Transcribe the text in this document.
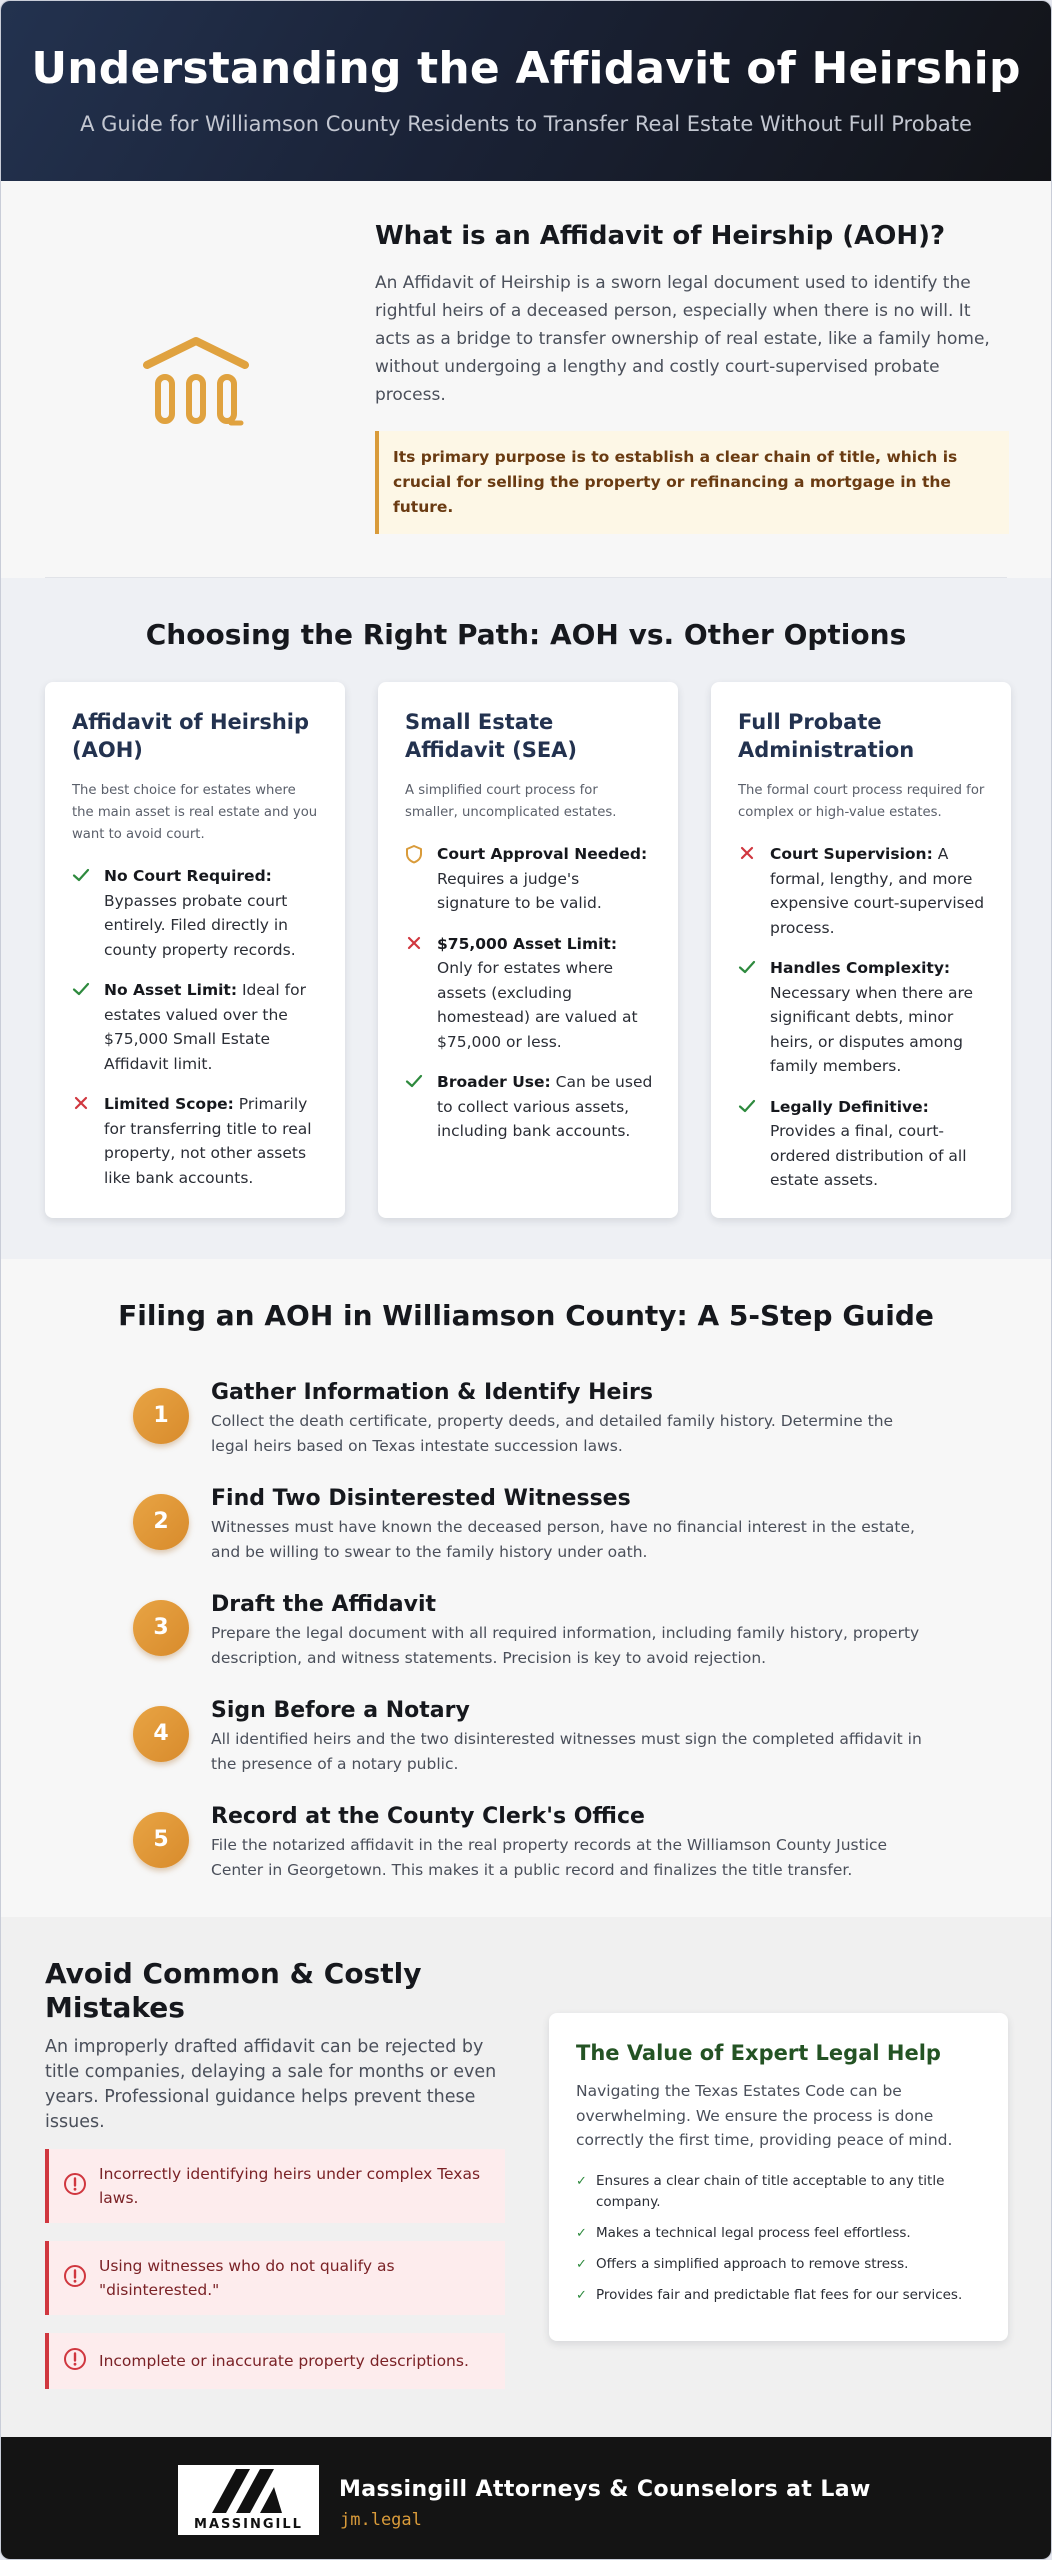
Understanding the Affidavit of Heirship

A Guide for Williamson County Residents to Transfer Real Estate Without Full Probate

What is an Affidavit of Heirship (AOH)?

An Affidavit of Heirship is a sworn legal document used to identify the rightful heirs of a deceased person, especially when there is no will. It acts as a bridge to transfer ownership of real estate, like a family home, without undergoing a lengthy and costly court-supervised probate process.

Its primary purpose is to establish a clear chain of title, which is crucial for selling the property or refinancing a mortgage in the future.
Choosing the Right Path: AOH vs. Other Options
Affidavit of Heirship (AOH)

The best choice for estates where the main asset is real estate and you want to avoid court.

No Court Required: Bypasses probate court entirely. Filed directly in county property records.
No Asset Limit: Ideal for estates valued over the $75,000 Small Estate Affidavit limit.
Limited Scope: Primarily for transferring title to real property, not other assets like bank accounts.
Small Estate Affidavit (SEA)

A simplified court process for smaller, uncomplicated estates.

Court Approval Needed: Requires a judge's signature to be valid.
$75,000 Asset Limit: Only for estates where assets (excluding homestead) are valued at $75,000 or less.
Broader Use: Can be used to collect various assets, including bank accounts.
Full Probate Administration

The formal court process required for complex or high-value estates.

Court Supervision: A formal, lengthy, and more expensive court-supervised process.
Handles Complexity: Necessary when there are significant debts, minor heirs, or disputes among family members.
Legally Definitive: Provides a final, court-ordered distribution of all estate assets.
Filing an AOH in Williamson County: A 5-Step Guide
1
Gather Information & Identify Heirs
Collect the death certificate, property deeds, and detailed family history. Determine the legal heirs based on Texas intestate succession laws.
2
Find Two Disinterested Witnesses
Witnesses must have known the deceased person, have no financial interest in the estate, and be willing to swear to the family history under oath.
3
Draft the Affidavit
Prepare the legal document with all required information, including family history, property description, and witness statements. Precision is key to avoid rejection.
4
Sign Before a Notary
All identified heirs and the two disinterested witnesses must sign the completed affidavit in the presence of a notary public.
5
Record at the County Clerk's Office
File the notarized affidavit in the real property records at the Williamson County Justice Center in Georgetown. This makes it a public record and finalizes the title transfer.
Avoid Common & Costly Mistakes

An improperly drafted affidavit can be rejected by title companies, delaying a sale for months or even years. Professional guidance helps prevent these issues.

Incorrectly identifying heirs under complex Texas laws.
Using witnesses who do not qualify as "disinterested."
Incomplete or inaccurate property descriptions.
The Value of Expert Legal Help

Navigating the Texas Estates Code can be overwhelming. We ensure the process is done correctly the first time, providing peace of mind.

✓ Ensures a clear chain of title acceptable to any title company.
✓ Makes a technical legal process feel effortless.
✓ Offers a simplified approach to remove stress.
✓ Provides fair and predictable flat fees for our services.
MASSINGILL
Massingill Attorneys & Counselors at Law
jm.legal
